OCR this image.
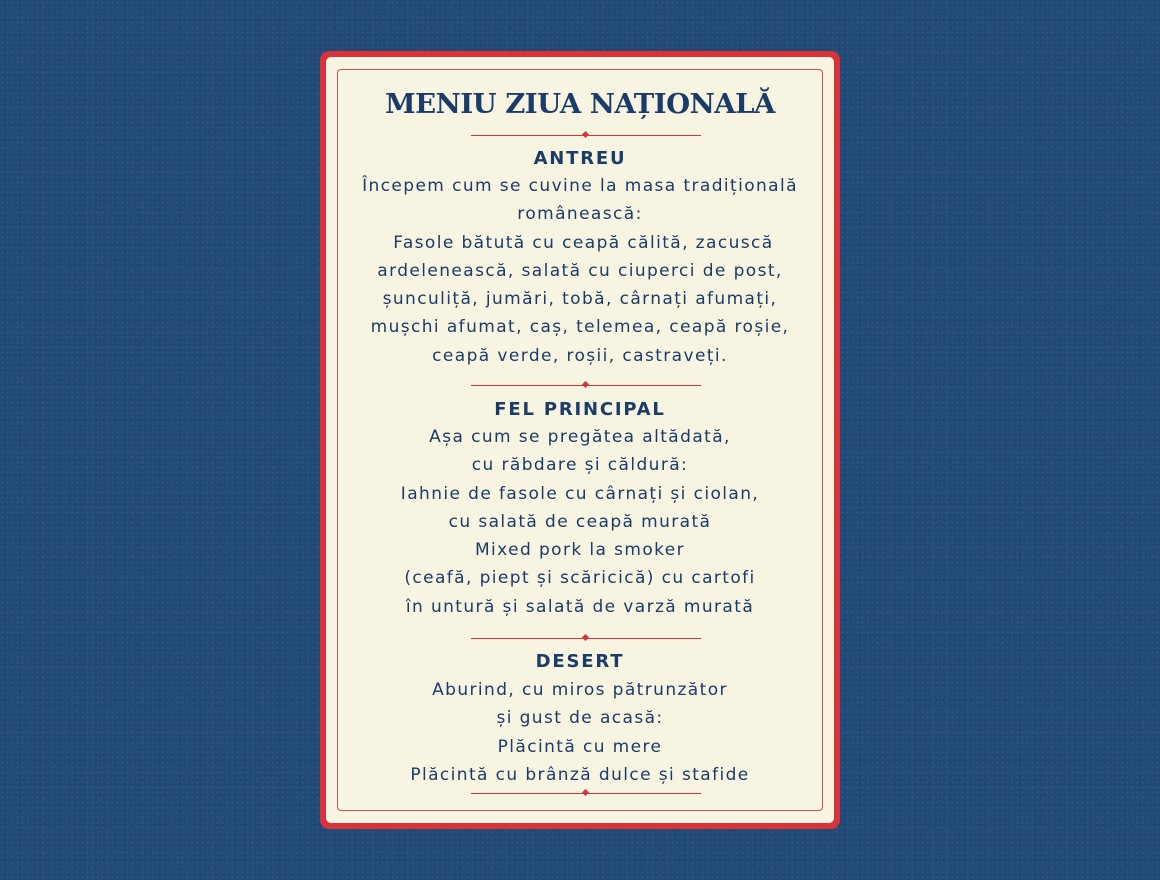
MENIU ZIUA NAȚIONALĂ
ANTREU
Începem cum se cuvine la masa tradițională
românească:
Fasole bătută cu ceapă călită, zacuscă
ardelenească, salată cu ciuperci de post,
șunculiță, jumări, tobă, cârnați afumați,
mușchi afumat, caș, telemea, ceapă roșie,
ceapă verde, roșii, castraveți.
FEL PRINCIPAL
Așa cum se pregătea altădată,
cu răbdare și căldură:
Iahnie de fasole cu cârnați și ciolan,
cu salată de ceapă murată
Mixed pork la smoker
(ceafă, piept și scăricică) cu cartofi
în untură și salată de varză murată
DESERT
Aburind, cu miros pătrunzător
și gust de acasă:
Plăcintă cu mere
Plăcintă cu brânză dulce și stafide
